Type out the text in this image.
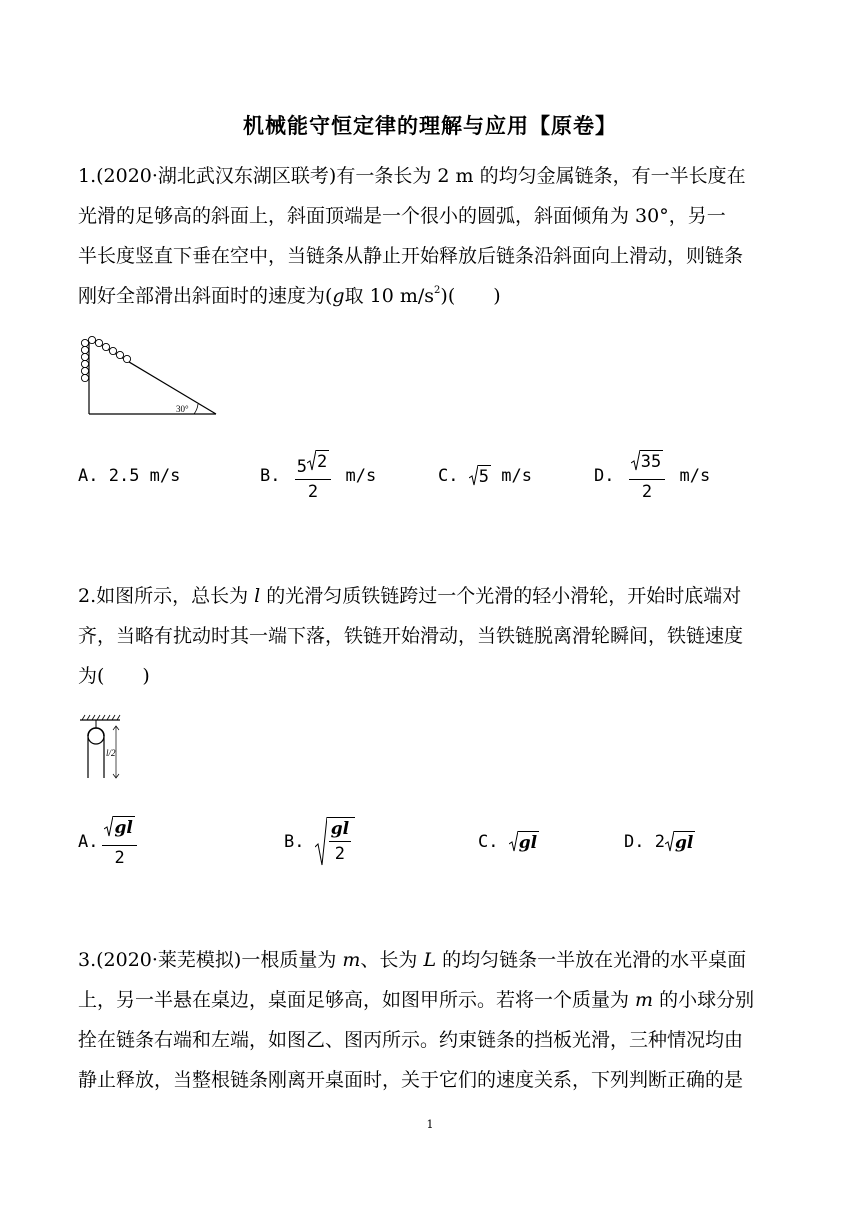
机械能守恒定律的理解与应用【原卷】
1.(2020·湖北武汉东湖区联考)有一条长为 2 m 的均匀金属链条，有一半长度在
光滑的足够高的斜面上，斜面顶端是一个很小的圆弧，斜面倾角为 30°，另一
半长度竖直下垂在空中，当链条从静止开始释放后链条沿斜面向上滑动，则链条
刚好全部滑出斜面时的速度为(g取 10 $m/s^2$)(　　)
30°
A.
2.5 m/s	B.
$\frac{5 2}{2}$
m/s	C.
5
m/s	D.
$\frac{35}{2}$
m/s
2.如图所示，总长为 l 的光滑匀质铁链跨过一个光滑的轻小滑轮，开始时底端对
齐，当略有扰动时其一端下落，铁链开始滑动，当铁链脱离滑轮瞬间，铁链速度
为(　　)
l/2
A. $\frac{gl}{2}$	B.
$\frac{gl}{2}$	C.
gl	D.
2 gl
3.(2020·莱芜模拟)一根质量为 m、长为 L 的均匀链条一半放在光滑的水平桌面
上，另一半悬在桌边，桌面足够高，如图甲所示。若将一个质量为 m 的小球分别
拴在链条右端和左端，如图乙、图丙所示。约束链条的挡板光滑，三种情况均由
静止释放，当整根链条刚离开桌面时，关于它们的速度关系，下列判断正确的是
1
